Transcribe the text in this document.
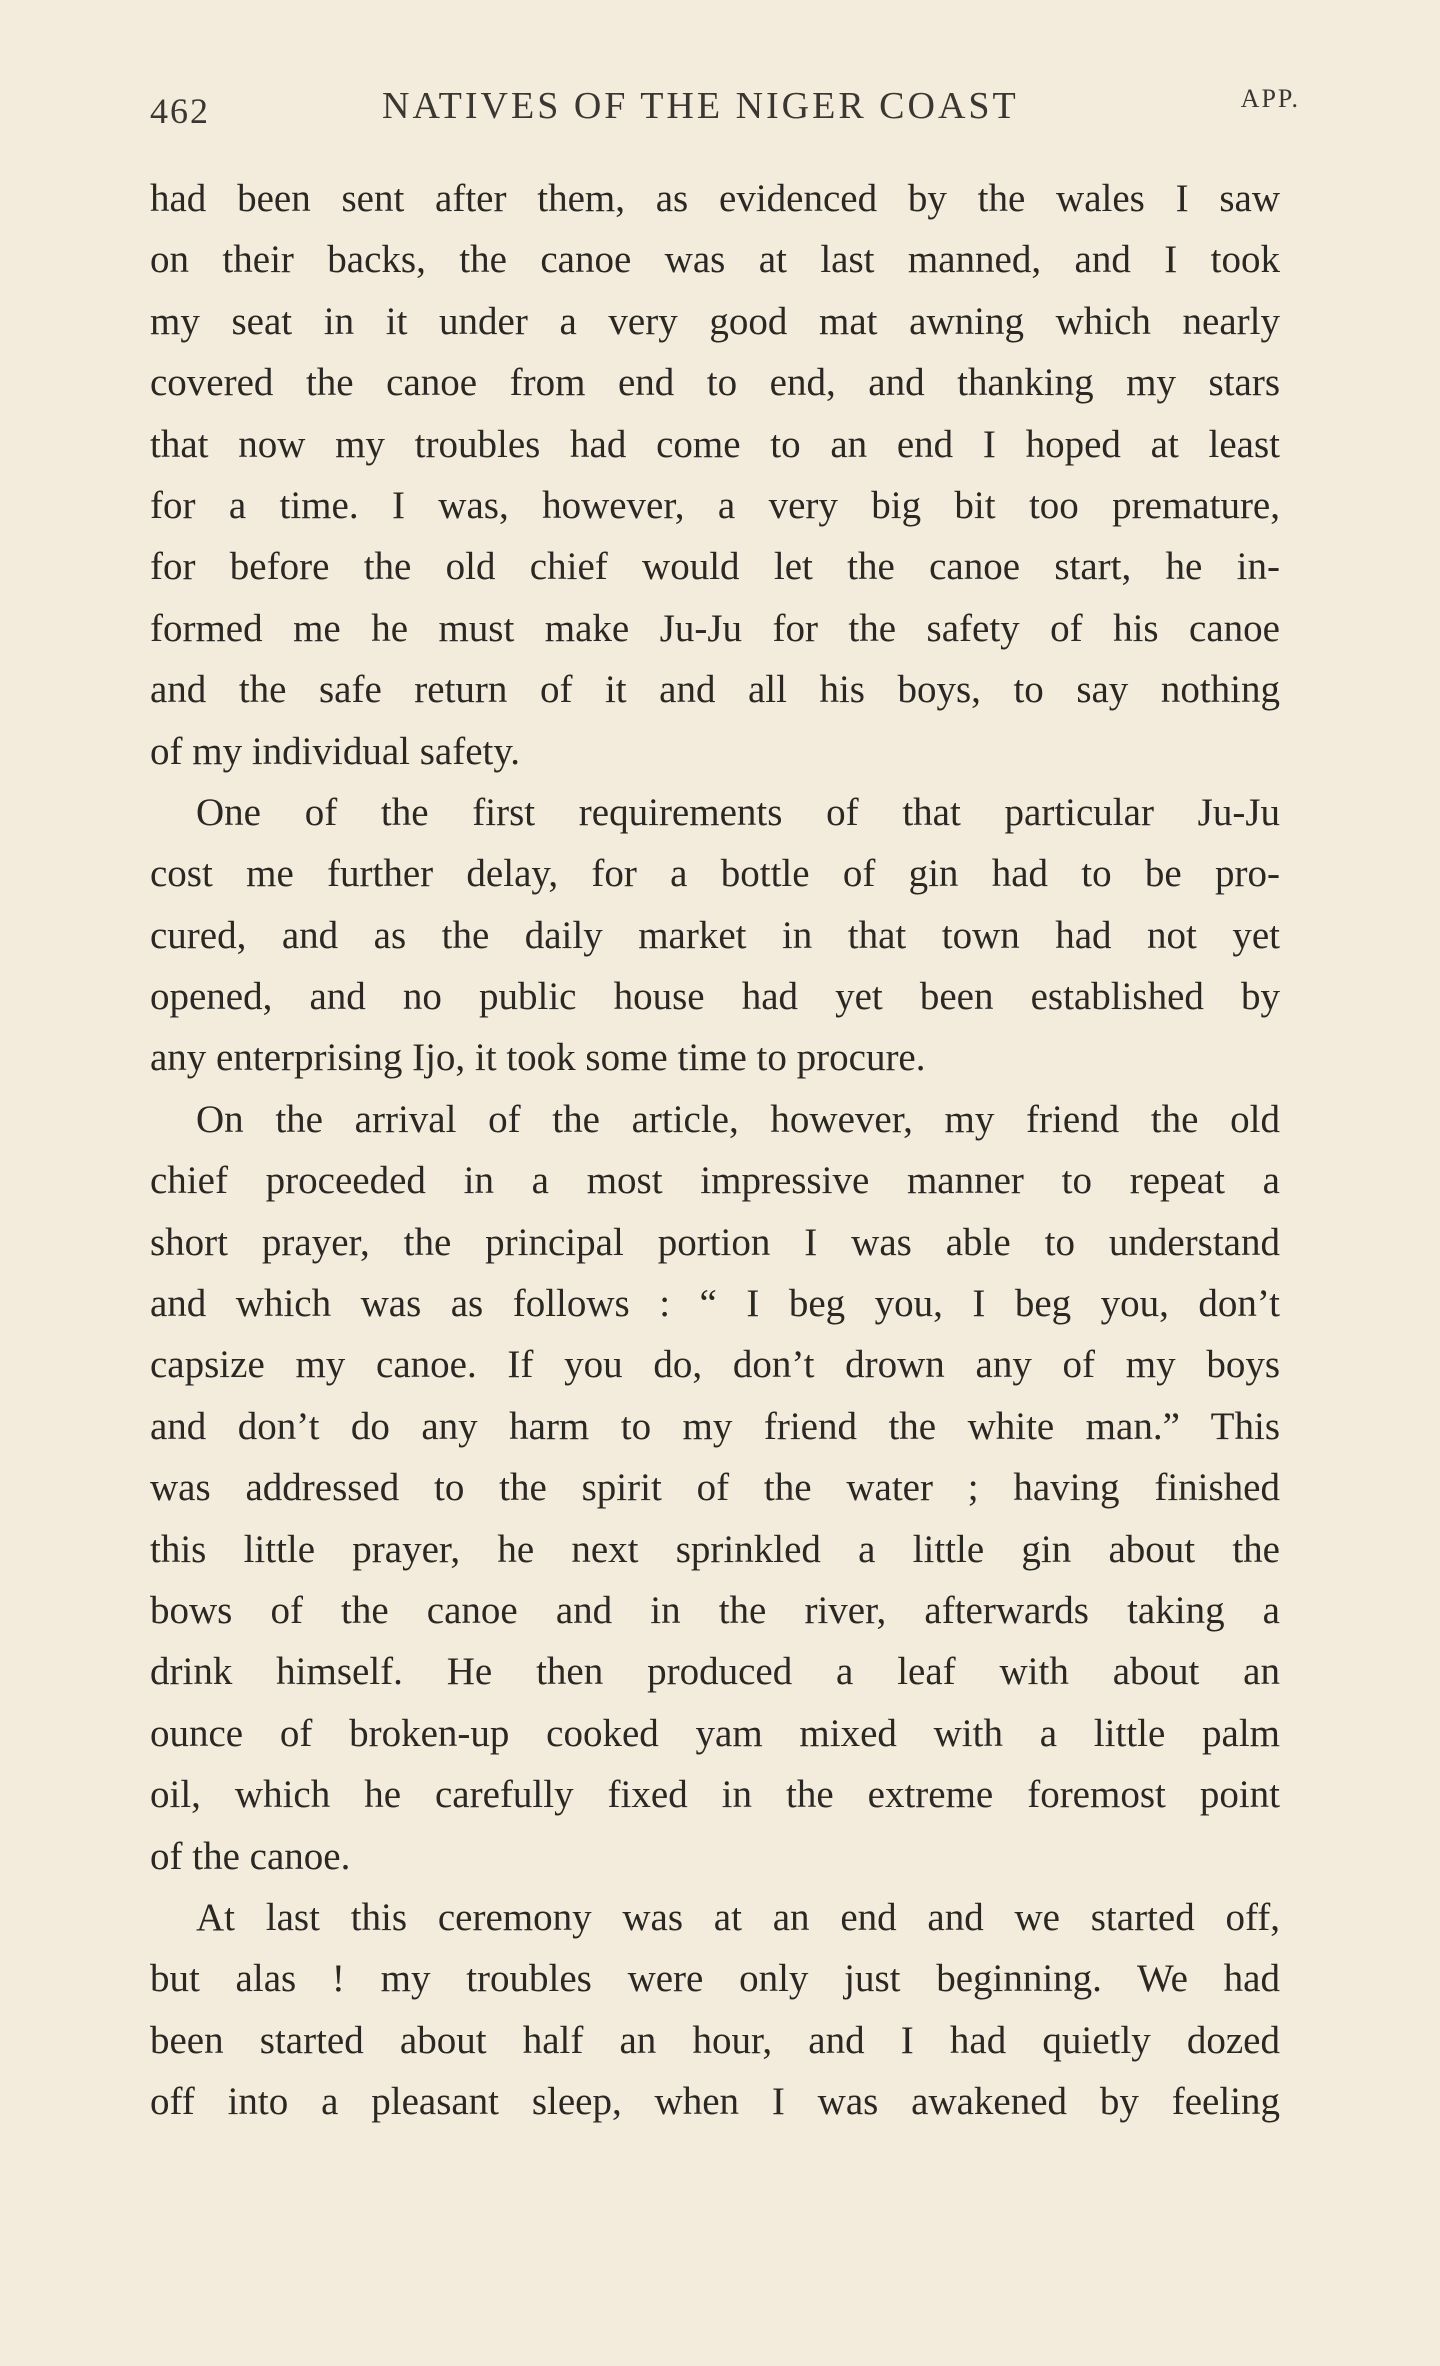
462	NATIVES OF THE NIGER COAST	APP.
had been sent after them, as evidenced by the wales I saw
on their backs, the canoe was at last manned, and I took
my seat in it under a very good mat awning which nearly
covered the canoe from end to end, and thanking my stars
that now my troubles had come to an end I hoped at least
for a time. I was, however, a very big bit too premature,
for before the old chief would let the canoe start, he in-
formed me he must make Ju-Ju for the safety of his canoe
and the safe return of it and all his boys, to say nothing
of my individual safety.
One of the first requirements of that particular Ju-Ju
cost me further delay, for a bottle of gin had to be pro-
cured, and as the daily market in that town had not yet
opened, and no public house had yet been established by
any enterprising Ijo, it took some time to procure.
On the arrival of the article, however, my friend the old
chief proceeded in a most impressive manner to repeat a
short prayer, the principal portion I was able to understand
and which was as follows : “ I beg you, I beg you, don’t
capsize my canoe. If you do, don’t drown any of my boys
and don’t do any harm to my friend the white man.” This
was addressed to the spirit of the water ; having finished
this little prayer, he next sprinkled a little gin about the
bows of the canoe and in the river, afterwards taking a
drink himself. He then produced a leaf with about an
ounce of broken-up cooked yam mixed with a little palm
oil, which he carefully fixed in the extreme foremost point
of the canoe.
At last this ceremony was at an end and we started off,
but alas ! my troubles were only just beginning. We had
been started about half an hour, and I had quietly dozed
off into a pleasant sleep, when I was awakened by feeling
